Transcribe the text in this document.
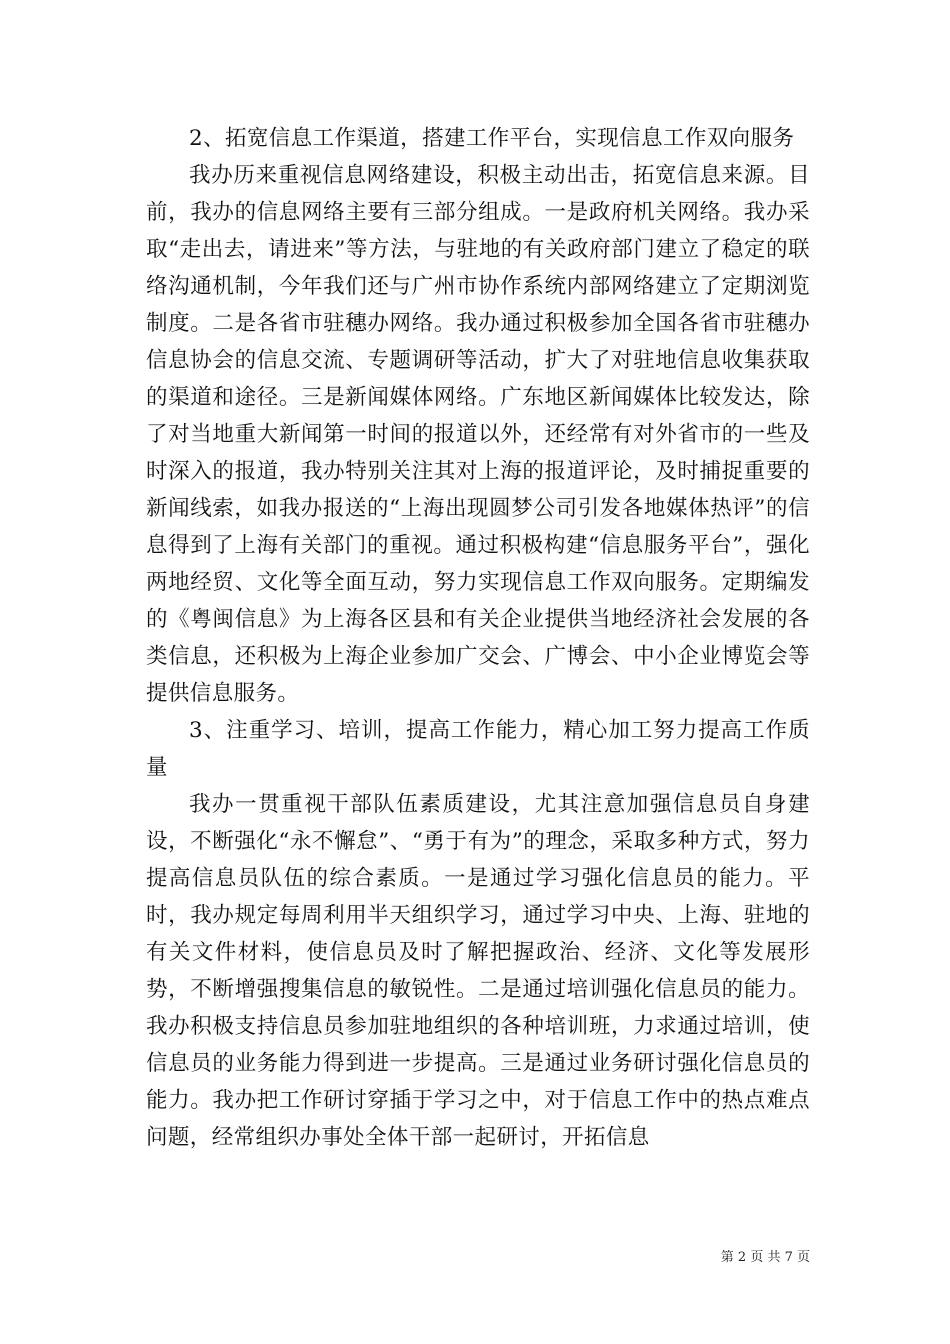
2、拓宽信息工作渠道，搭建工作平台，实现信息工作双向服务

我办历来重视信息网络建设，积极主动出击，拓宽信息来源。目前，我办的信息网络主要有三部分组成。一是政府机关网络。我办采取“走出去，请进来”等方法，与驻地的有关政府部门建立了稳定的联络沟通机制，今年我们还与广州市协作系统内部网络建立了定期浏览制度。二是各省市驻穗办网络。我办通过积极参加全国各省市驻穗办信息协会的信息交流、专题调研等活动，扩大了对驻地信息收集获取的渠道和途径。三是新闻媒体网络。广东地区新闻媒体比较发达，除了对当地重大新闻第一时间的报道以外，还经常有对外省市的一些及时深入的报道，我办特别关注其对上海的报道评论，及时捕捉重要的新闻线索，如我办报送的“上海出现圆梦公司引发各地媒体热评”的信息得到了上海有关部门的重视。通过积极构建“信息服务平台”，强化两地经贸、文化等全面互动，努力实现信息工作双向服务。定期编发的《粤闽信息》为上海各区县和有关企业提供当地经济社会发展的各类信息，还积极为上海企业参加广交会、广博会、中小企业博览会等提供信息服务。

3、注重学习、培训，提高工作能力，精心加工努力提高工作质量

我办一贯重视干部队伍素质建设，尤其注意加强信息员自身建设，不断强化“永不懈怠”、“勇于有为”的理念，采取多种方式，努力提高信息员队伍的综合素质。一是通过学习强化信息员的能力。平时，我办规定每周利用半天组织学习，通过学习中央、上海、驻地的有关文件材料，使信息员及时了解把握政治、经济、文化等发展形势，不断增强搜集信息的敏锐性。二是通过培训强化信息员的能力。我办积极支持信息员参加驻地组织的各种培训班，力求通过培训，使信息员的业务能力得到进一步提高。三是通过业务研讨强化信息员的能力。我办把工作研讨穿插于学习之中，对于信息工作中的热点难点问题，经常组织办事处全体干部一起研讨，开拓信息

第 2 页 共 7 页
